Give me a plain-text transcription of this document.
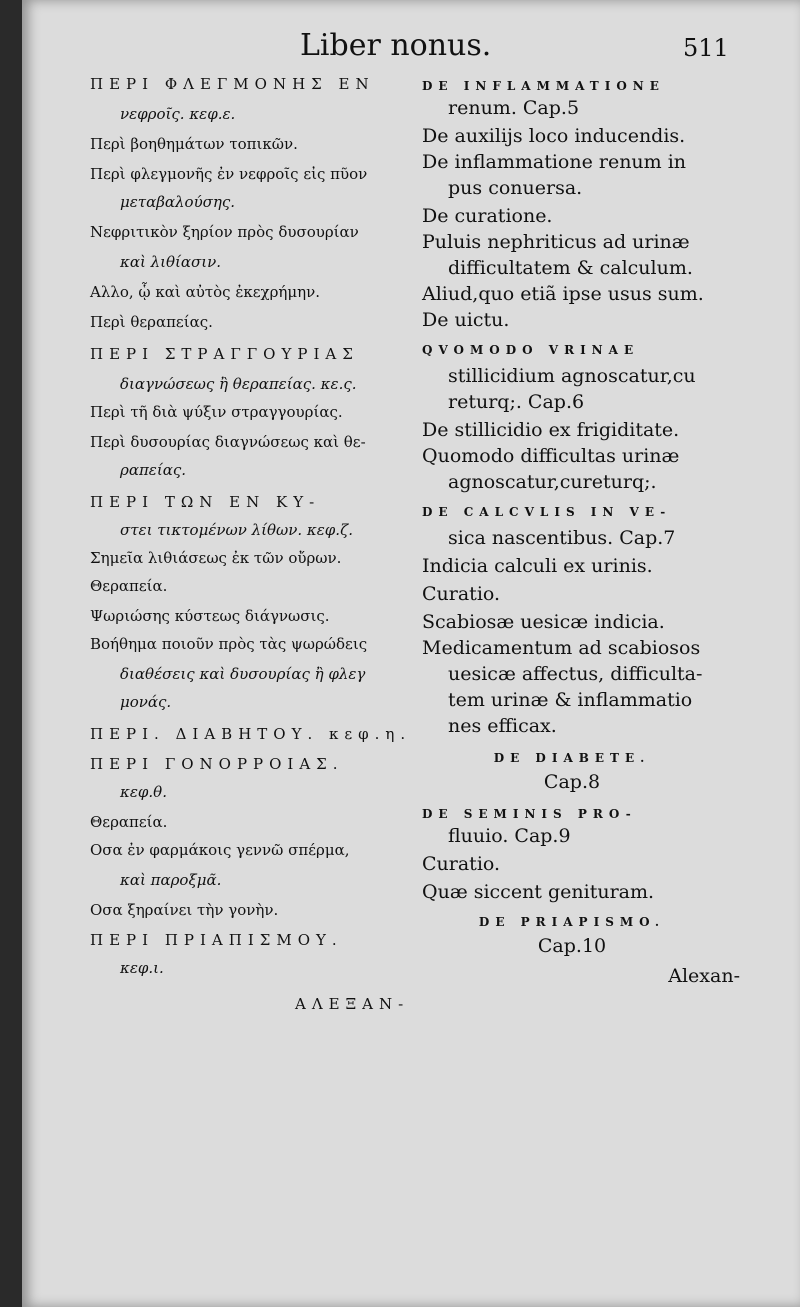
Liber nonus.	511
ΠΕΡΙ ΦΛΕΓΜΟΝΗΣ ΕΝ
νεφροῖς. κεφ.ε.
Περὶ βοηθημάτων τοπικῶν.
Περὶ φλεγμονῆς ἐν νεφροῖς εἰς πῦον
μεταβαλούσης.
Νεφριτικὸν ξηρίον πρὸς δυσουρίαν
καὶ λιθίασιν.
Αλλο, ᾧ καὶ αὐτὸς ἐκεχρήμην.
Περὶ θεραπείας.
ΠΕΡΙ ΣΤΡΑΓΓΟΥΡΙΑΣ
διαγνώσεως ἢ θεραπείας. κε.ς.
Περὶ τῆ διὰ ψύξιν στραγγουρίας.
Περὶ δυσουρίας διαγνώσεως καὶ θε-
ραπείας.
ΠΕΡΙ ΤΩΝ ΕΝ ΚΥ-
στει τικτομένων λίθων. κεφ.ζ.
Σημεῖα λιθιάσεως ἐκ τῶν οὔρων.
Θεραπεία.
Ψωριώσης κύστεως διάγνωσις.
Βοήθημα ποιοῦν πρὸς τὰς ψωρώδεις
διαθέσεις καὶ δυσουρίας ἢ φλεγ
μονάς.
ΠΕΡΙ. ΔΙΑΒΗΤΟΥ. κεφ.η.
ΠΕΡΙ ΓΟΝΟΡΡΟΙΑΣ.
κεφ.θ.
Θεραπεία.
Οσα ἐν φαρμάκοις γεννῶ σπέρμα,
καὶ παροξμᾶ.
Οσα ξηραίνει τὴν γονὴν.
ΠΕΡΙ ΠΡΙΑΠΙΣΜΟΥ.
κεφ.ι.
ΑΛΕΞΑΝ-
DE INFLAMMATIONE
renum. Cap.5
De auxilijs loco inducendis.
De inflammatione renum in
pus conuersa.
De curatione.
Puluis nephriticus ad urinæ
difficultatem & calculum.
Aliud,quo etiã ipse usus sum.
De uictu.
QVOMODO VRINAE
stillicidium agnoscatur,cu
returq;. Cap.6
De stillicidio ex frigiditate.
Quomodo difficultas urinæ
agnoscatur,cureturq;.
DE CALCVLIS IN VE-
sica nascentibus. Cap.7
Indicia calculi ex urinis.
Curatio.
Scabiosæ uesicæ indicia.
Medicamentum ad scabiosos
uesicæ affectus, difficulta-
tem urinæ & inflammatio
nes efficax.
DE DIABETE.
Cap.8
DE SEMINIS PRO-
fluuio. Cap.9
Curatio.
Quæ siccent genituram.
DE PRIAPISMO.
Cap.10
Alexan-
